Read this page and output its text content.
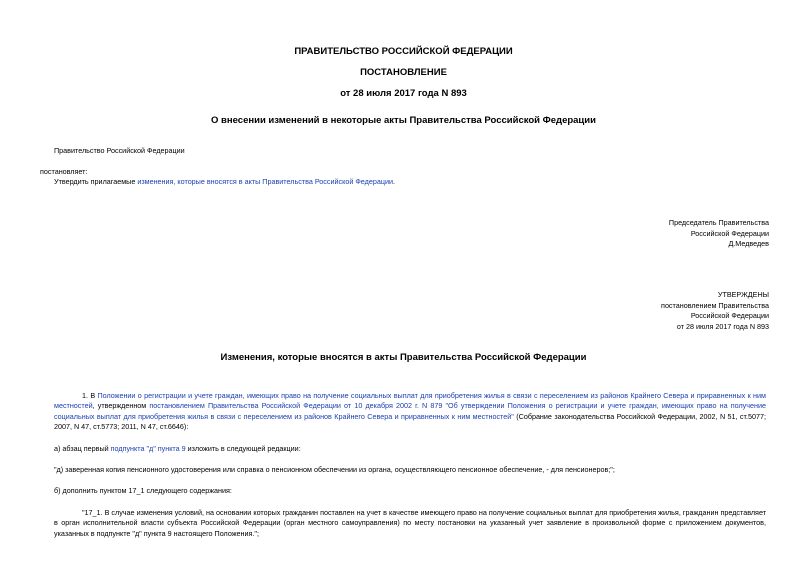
ПРАВИТЕЛЬСТВО РОССИЙСКОЙ ФЕДЕРАЦИИ
ПОСТАНОВЛЕНИЕ
от 28 июля 2017 года N 893
О внесении изменений в некоторые акты Правительства Российской Федерации
Правительство Российской Федерации
постановляет:
Утвердить прилагаемые изменения, которые вносятся в акты Правительства Российской Федерации.
Председатель Правительства
Российской Федерации
Д.Медведев
УТВЕРЖДЕНЫ
постановлением Правительства
Российской Федерации
от 28 июля 2017 года N 893
Изменения, которые вносятся в акты Правительства Российской Федерации
1. В Положении о регистрации и учете граждан, имеющих право на получение социальных выплат для приобретения жилья в связи с переселением из районов Крайнего Севера и приравненных к ним местностей, утвержденном постановлением Правительства Российской Федерации от 10 декабря 2002 г. N 879 "Об утверждении Положения о регистрации и учете граждан, имеющих право на получение социальных выплат для приобретения жилья в связи с переселением из районов Крайнего Севера и приравненных к ним местностей" (Собрание законодательства Российской Федерации, 2002, N 51, ст.5077; 2007, N 47, ст.5773; 2011, N 47, ст.6646):
а) абзац первый подпункта "д" пункта 9 изложить в следующей редакции:
"д) заверенная копия пенсионного удостоверения или справка о пенсионном обеспечении из органа, осуществляющего пенсионное обеспечение, - для пенсионеров;";
б) дополнить пунктом 17_1 следующего содержания:
"17_1. В случае изменения условий, на основании которых гражданин поставлен на учет в качестве имеющего право на получение социальных выплат для приобретения жилья, гражданин представляет в орган исполнительной власти субъекта Российской Федерации (орган местного самоуправления) по месту постановки на указанный учет заявление в произвольной форме с приложением документов, указанных в подпункте "д" пункта 9 настоящего Положения.";
